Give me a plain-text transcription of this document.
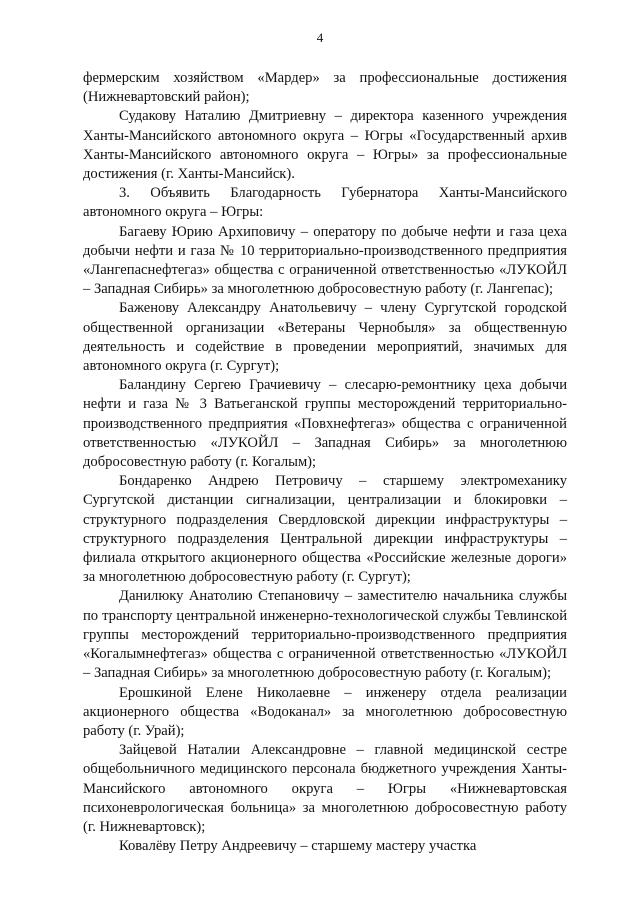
4

фермерским хозяйством «Мардер» за профессиональные достижения (Нижневартовский район);

Судакову Наталию Дмитриевну – директора казенного учреждения Ханты-Мансийского автономного округа – Югры «Государственный архив Ханты-Мансийского автономного округа – Югры» за профессиональные достижения (г. Ханты-Мансийск).

3. Объявить Благодарность Губернатора Ханты-Мансийского автономного округа – Югры:

Багаеву Юрию Архиповичу – оператору по добыче нефти и газа цеха добычи нефти и газа № 10 территориально-производственного предприятия «Лангепаснефтегаз» общества с ограниченной ответственностью «ЛУКОЙЛ – Западная Сибирь» за многолетнюю добросовестную работу (г. Лангепас);

Баженову Александру Анатольевичу – члену Сургутской городской общественной организации «Ветераны Чернобыля» за общественную деятельность и содействие в проведении мероприятий, значимых для автономного округа (г. Сургут);

Баландину Сергею Грачиевичу – слесарю-ремонтнику цеха добычи нефти и газа № 3 Ватьеганской группы месторождений территориально-производственного предприятия «Повхнефтегаз» общества с ограниченной ответственностью «ЛУКОЙЛ – Западная Сибирь» за многолетнюю добросовестную работу (г. Когалым);

Бондаренко Андрею Петровичу – старшему электромеханику Сургутской дистанции сигнализации, централизации и блокировки – структурного подразделения Свердловской дирекции инфраструктуры – структурного подразделения Центральной дирекции инфраструктуры – филиала открытого акционерного общества «Российские железные дороги» за многолетнюю добросовестную работу (г. Сургут);

Данилюку Анатолию Степановичу – заместителю начальника службы по транспорту центральной инженерно-технологической службы Тевлинской группы месторождений территориально-производственного предприятия «Когалымнефтегаз» общества с ограниченной ответственностью «ЛУКОЙЛ – Западная Сибирь» за многолетнюю добросовестную работу (г. Когалым);

Ерошкиной Елене Николаевне – инженеру отдела реализации акционерного общества «Водоканал» за многолетнюю добросовестную работу (г. Урай);

Зайцевой Наталии Александровне – главной медицинской сестре общебольничного медицинского персонала бюджетного учреждения Ханты-Мансийского автономного округа – Югры «Нижневартовская психоневрологическая больница» за многолетнюю добросовестную работу (г. Нижневартовск);

Ковалёву Петру Андреевичу – старшему мастеру участка
